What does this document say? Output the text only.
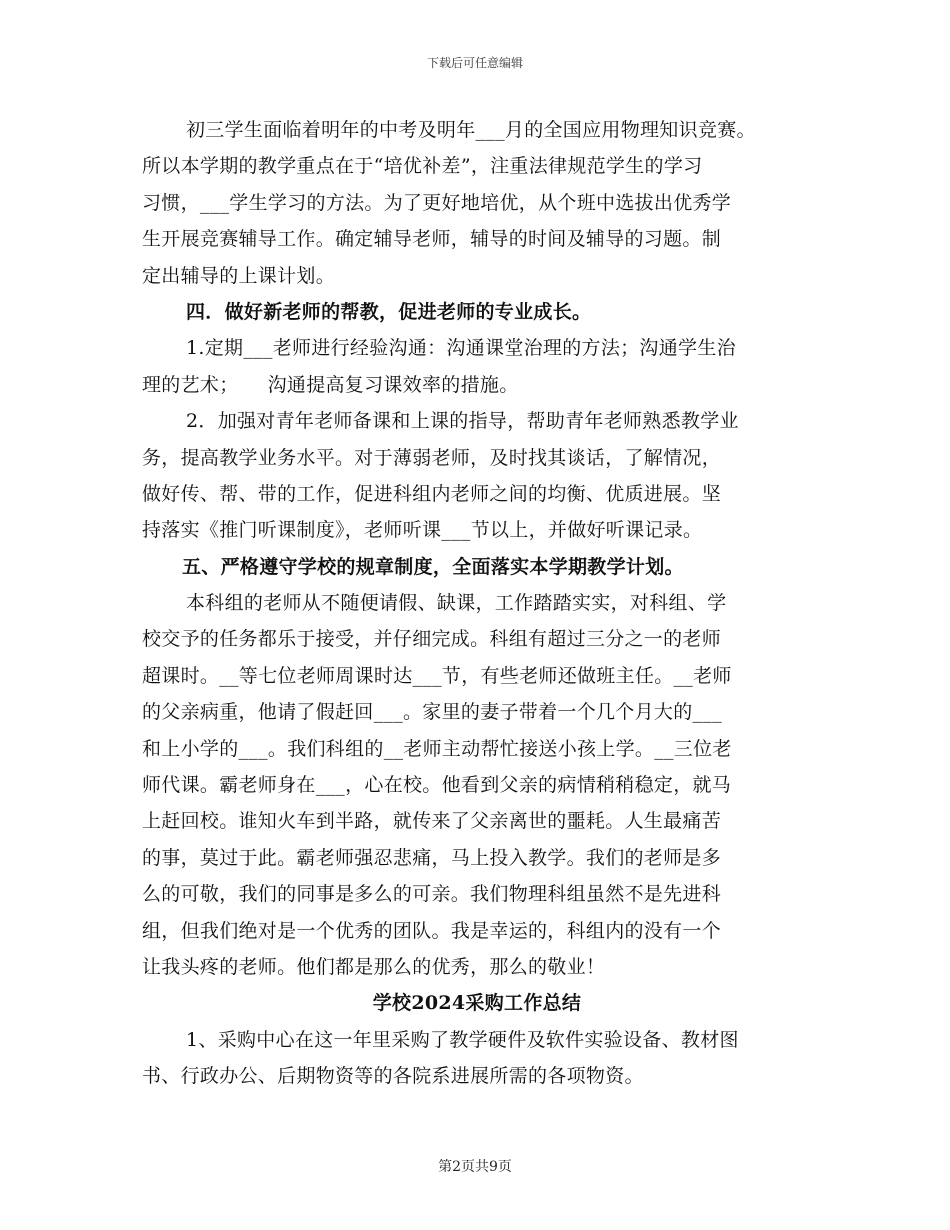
下载后可任意编辑
初三学生面临着明年的中考及明年___月的全国应用物理知识竞赛。
所以本学期的教学重点在于“培优补差”，注重法律规范学生的学习
习惯，___学生学习的方法。为了更好地培优，从个班中选拔出优秀学
生开展竞赛辅导工作。确定辅导老师，辅导的时间及辅导的习题。制
定出辅导的上课计划。
四．做好新老师的帮教，促进老师的专业成长。
1.定期___老师进行经验沟通：沟通课堂治理的方法；沟通学生治
理的艺术；　　沟通提高复习课效率的措施。
2．加强对青年老师备课和上课的指导，帮助青年老师熟悉教学业
务，提高教学业务水平。对于薄弱老师，及时找其谈话，了解情况，
做好传、帮、带的工作，促进科组内老师之间的均衡、优质进展。坚
持落实《推门听课制度》，老师听课___节以上，并做好听课记录。
五、严格遵守学校的规章制度，全面落实本学期教学计划。
本科组的老师从不随便请假、缺课，工作踏踏实实，对科组、学
校交予的任务都乐于接受，并仔细完成。科组有超过三分之一的老师
超课时。__等七位老师周课时达___节，有些老师还做班主任。__老师
的父亲病重，他请了假赶回___。家里的妻子带着一个几个月大的___
和上小学的___。我们科组的__老师主动帮忙接送小孩上学。__三位老
师代课。霸老师身在___，心在校。他看到父亲的病情稍稍稳定，就马
上赶回校。谁知火车到半路，就传来了父亲离世的噩耗。人生最痛苦
的事，莫过于此。霸老师强忍悲痛，马上投入教学。我们的老师是多
么的可敬，我们的同事是多么的可亲。我们物理科组虽然不是先进科
组，但我们绝对是一个优秀的团队。我是幸运的，科组内的没有一个
让我头疼的老师。他们都是那么的优秀，那么的敬业！
学校2024采购工作总结
1、采购中心在这一年里采购了教学硬件及软件实验设备、教材图
书、行政办公、后期物资等的各院系进展所需的各项物资。
第2页共9页
